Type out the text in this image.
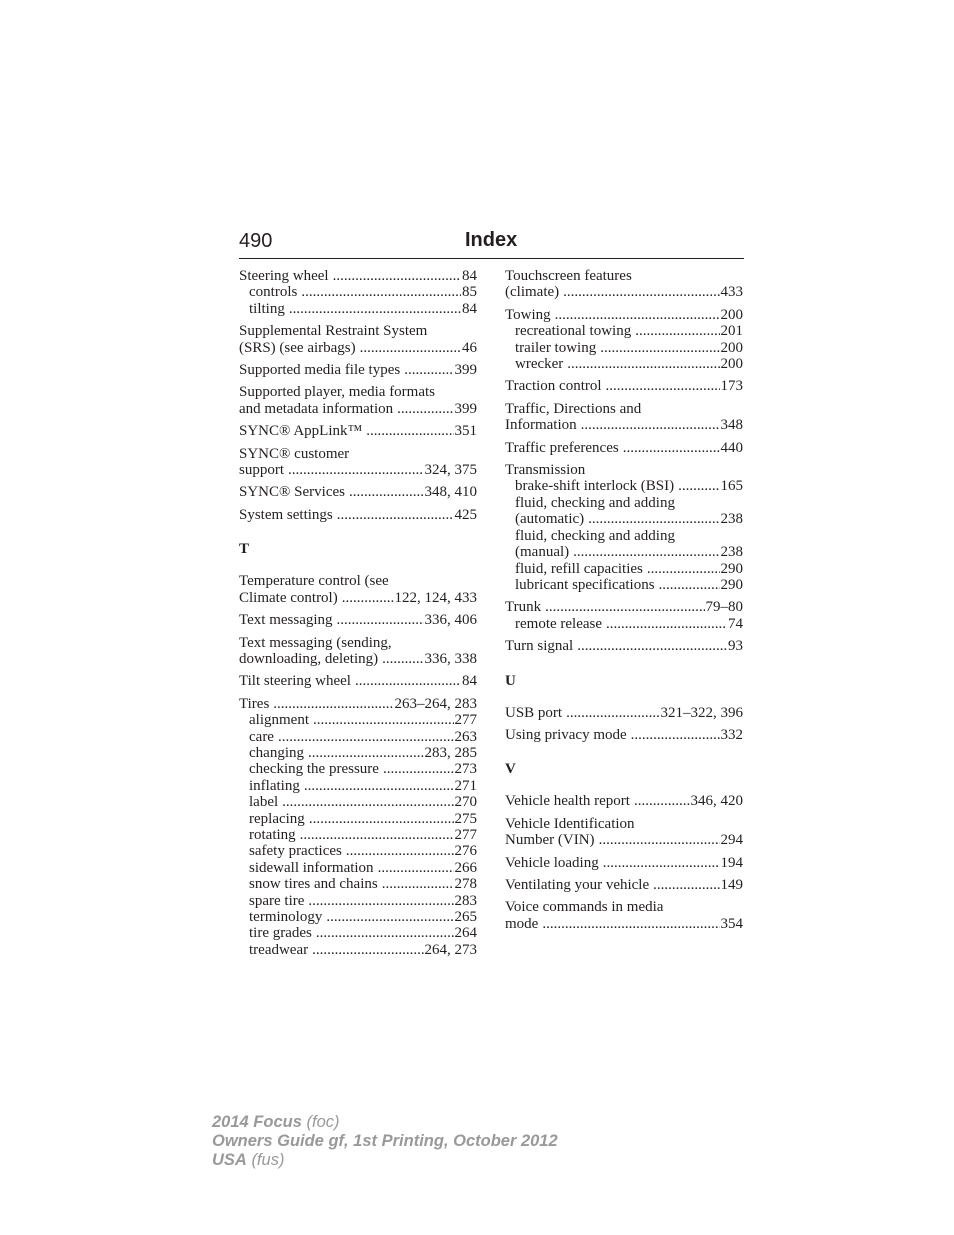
490	Index
Steering wheel .....	84
controls .....	85
tilting .....	84
Supplemental Restraint System
(SRS) (see airbags) .....	46
Supported media file types .....	399
Supported player, media formats
and metadata information .....	399
SYNC® AppLink™ .....	351
SYNC® customer
support .....	324, 375
SYNC® Services .....	348, 410
System settings .....	425
T
Temperature control (see
Climate control) .....	122, 124, 433
Text messaging .....	336, 406
Text messaging (sending,
downloading, deleting) .....	336, 338
Tilt steering wheel .....	84
Tires .....	263–264, 283
alignment .....	277
care .....	263
changing .....	283, 285
checking the pressure .....	273
inflating .....	271
label .....	270
replacing .....	275
rotating .....	277
safety practices .....	276
sidewall information .....	266
snow tires and chains .....	278
spare tire .....	283
terminology .....	265
tire grades .....	264
treadwear .....	264, 273
Touchscreen features
(climate) .....	433
Towing .....	200
recreational towing .....	201
trailer towing .....	200
wrecker .....	200
Traction control .....	173
Traffic, Directions and
Information .....	348
Traffic preferences .....	440
Transmission
brake-shift interlock (BSI) .....	165
fluid, checking and adding
(automatic) .....	238
fluid, checking and adding
(manual) .....	238
fluid, refill capacities .....	290
lubricant specifications .....	290
Trunk .....	79–80
remote release .....	74
Turn signal .....	93
U
USB port .....	321–322, 396
Using privacy mode .....	332
V
Vehicle health report .....	346, 420
Vehicle Identification
Number (VIN) .....	294
Vehicle loading .....	194
Ventilating your vehicle .....	149
Voice commands in media
mode .....	354
2014 Focus (foc)
Owners Guide gf, 1st Printing, October 2012
USA (fus)
